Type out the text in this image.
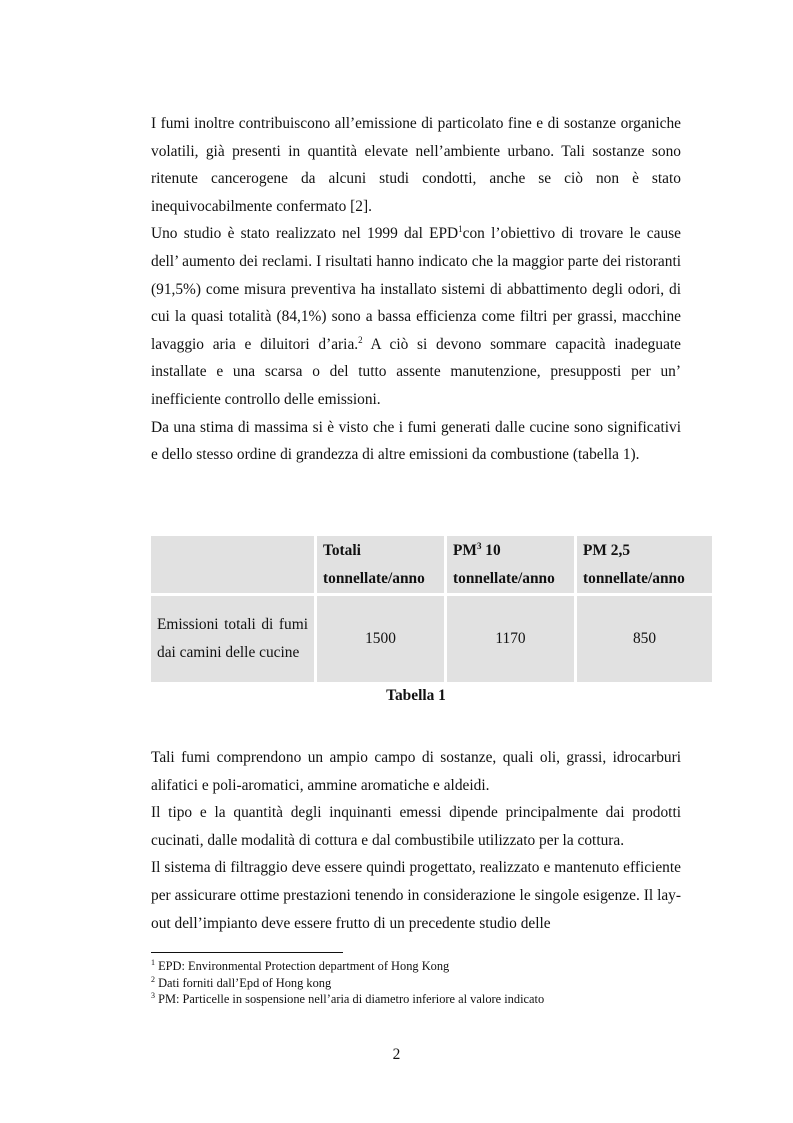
I fumi inoltre contribuiscono all’emissione di particolato fine e di sostanze organiche volatili, già presenti in quantità elevate nell’ambiente urbano. Tali sostanze sono ritenute cancerogene da alcuni studi condotti, anche se ciò non è stato inequivocabilmente confermato [2].

Uno studio è stato realizzato nel 1999 dal EPD$^1$con l’obiettivo di trovare le cause dell’ aumento dei reclami. I risultati hanno indicato che la maggior parte dei ristoranti (91,5%) come misura preventiva ha installato sistemi di abbattimento degli odori, di cui la quasi totalità (84,1%) sono a bassa efficienza come filtri per grassi, macchine lavaggio aria e diluitori d’aria.$^2$ A ciò si devono sommare capacità inadeguate installate e una scarsa o del tutto assente manutenzione, presupposti per un’ inefficiente controllo delle emissioni.

Da una stima di massima si è visto che i fumi generati dalle cucine sono significativi e dello stesso ordine di grandezza di altre emissioni da combustione (tabella 1).

	Totali tonnellate/anno	$PM^3$ 10 tonnellate/anno	PM 2,5 tonnellate/anno
Emissioni totali di fumi dai camini delle cucine	1500	1170	850
Tabella 1

Tali fumi comprendono un ampio campo di sostanze, quali oli, grassi, idrocarburi alifatici e poli-aromatici, ammine aromatiche e aldeidi.

Il tipo e la quantità degli inquinanti emessi dipende principalmente dai prodotti cucinati, dalle modalità di cottura e dal combustibile utilizzato per la cottura.

Il sistema di filtraggio deve essere quindi progettato, realizzato e mantenuto efficiente per assicurare ottime prestazioni tenendo in considerazione le singole esigenze. Il lay-out dell’impianto deve essere frutto di un precedente studio delle

$^1$ EPD: Environmental Protection department of Hong Kong
$^2$ Dati forniti dall’Epd of Hong kong
$^3$ PM: Particelle in sospensione nell’aria di diametro inferiore al valore indicato
2
